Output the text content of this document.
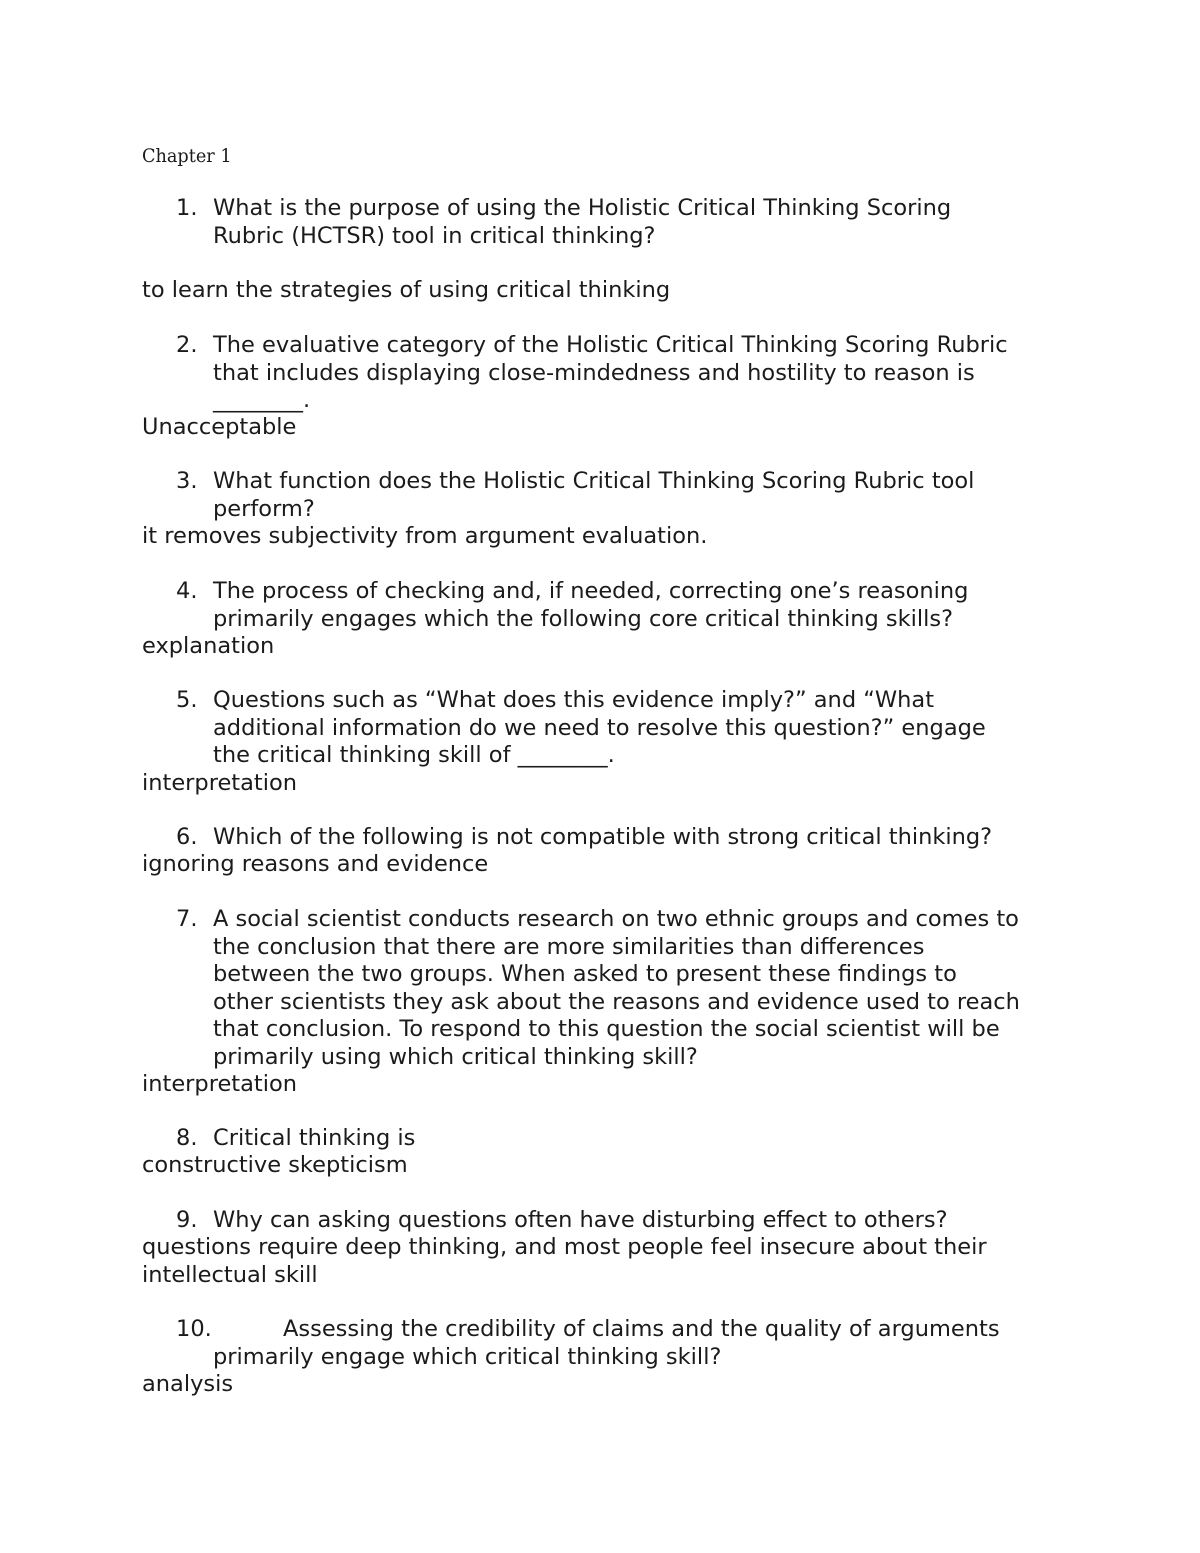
Chapter 1
1. What is the purpose of using the Holistic Critical Thinking Scoring
Rubric (HCTSR) tool in critical thinking?
to learn the strategies of using critical thinking
2. The evaluative category of the Holistic Critical Thinking Scoring Rubric
that includes displaying close-mindedness and hostility to reason is
________.
Unacceptable
3. What function does the Holistic Critical Thinking Scoring Rubric tool
perform?
it removes subjectivity from argument evaluation.
4. The process of checking and, if needed, correcting one’s reasoning
primarily engages which the following core critical thinking skills?
explanation
5. Questions such as “What does this evidence imply?” and “What
additional information do we need to resolve this question?” engage
the critical thinking skill of ________.
interpretation
6. Which of the following is not compatible with strong critical thinking?
ignoring reasons and evidence
7. A social scientist conducts research on two ethnic groups and comes to
the conclusion that there are more similarities than differences
between the two groups. When asked to present these findings to
other scientists they ask about the reasons and evidence used to reach
that conclusion. To respond to this question the social scientist will be
primarily using which critical thinking skill?
interpretation
8. Critical thinking is
constructive skepticism
9. Why can asking questions often have disturbing effect to others?
questions require deep thinking, and most people feel insecure about their
intellectual skill
10.	Assessing the credibility of claims and the quality of arguments
primarily engage which critical thinking skill?
analysis
